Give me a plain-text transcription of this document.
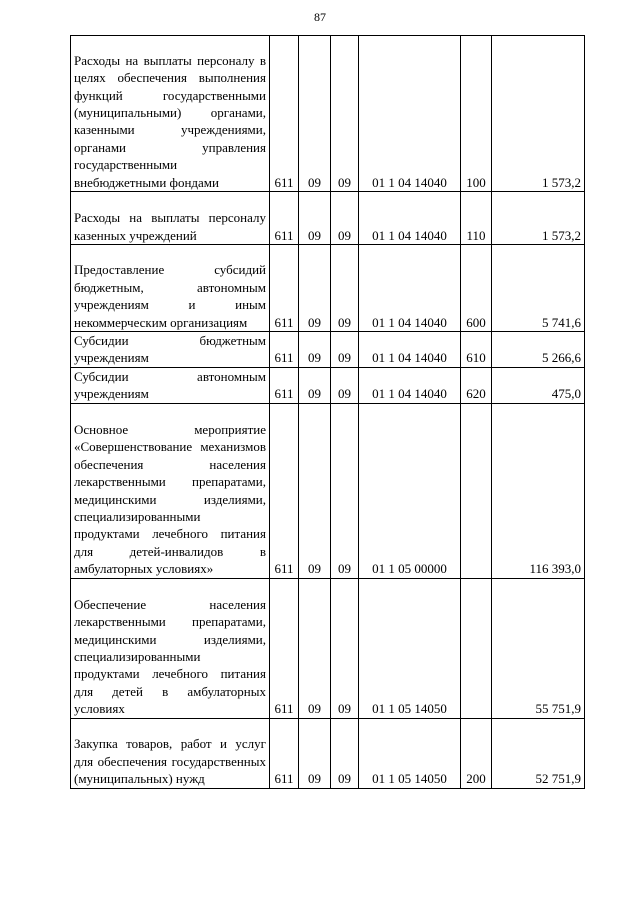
87
Расходы на выплаты персоналу в целях обеспечения выполнения функций государственными (муниципальными) органами, казенными учреждениями, органами управления государственными внебюджетными фондами	611	09	09	01 1 04 14040	100	1 573,2
Расходы на выплаты персоналу казенных учреждений	611	09	09	01 1 04 14040	110	1 573,2
Предоставление субсидий бюджетным, автономным учреждениям и иным некоммерческим организациям	611	09	09	01 1 04 14040	600	5 741,6
Субсидии бюджетным учреждениям	611	09	09	01 1 04 14040	610	5 266,6
Субсидии автономным учреждениям	611	09	09	01 1 04 14040	620	475,0
Основное мероприятие «Совершенствование механизмов обеспечения населения лекарственными препаратами, медицинскими изделиями, специализированными продуктами лечебного питания для детей-инвалидов в амбулаторных условиях»	611	09	09	01 1 05 00000		116 393,0
Обеспечение населения лекарственными препаратами, медицинскими изделиями, специализированными продуктами лечебного питания для детей в амбулаторных условиях	611	09	09	01 1 05 14050		55 751,9
Закупка товаров, работ и услуг для обеспечения государственных (муниципальных) нужд	611	09	09	01 1 05 14050	200	52 751,9
